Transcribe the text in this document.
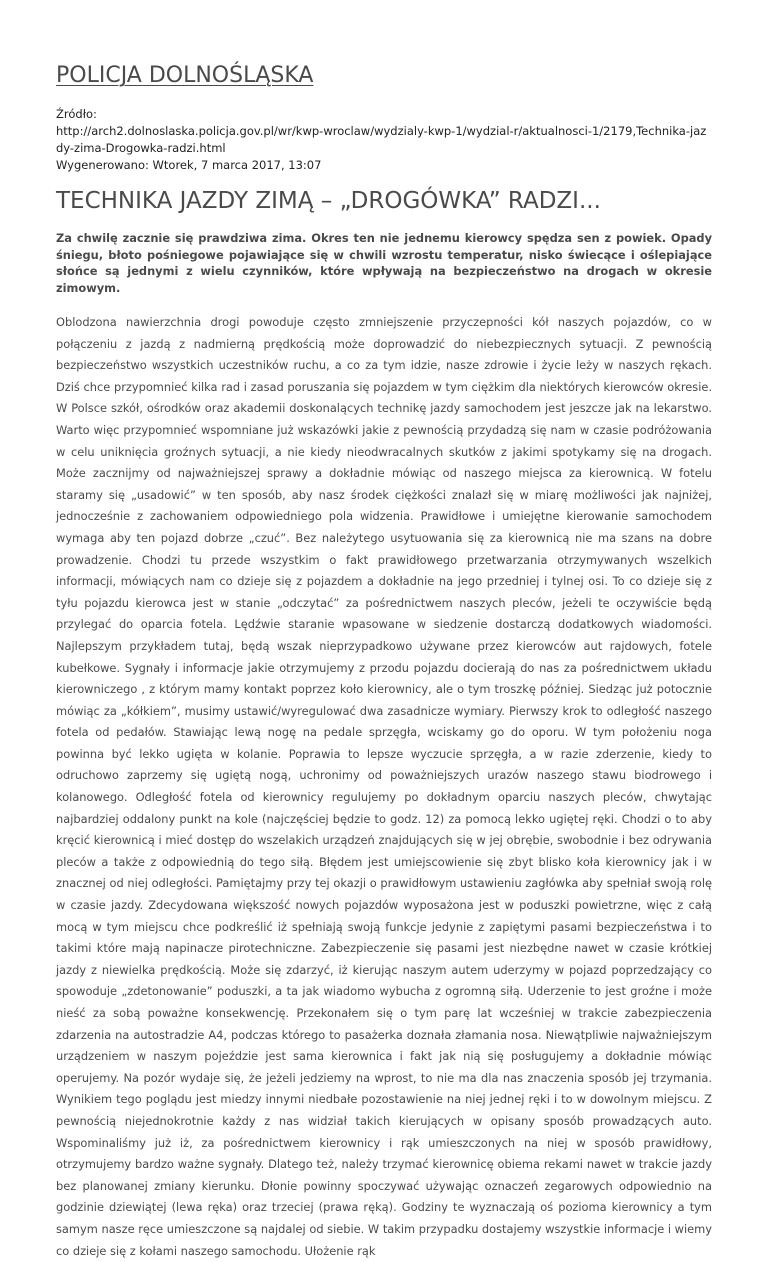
POLICJA DOLNOŚLĄSKA
Źródło:
http://arch2.dolnoslaska.policja.gov.pl/wr/kwp-wroclaw/wydzialy-kwp-1/wydzial-r/aktualnosci-1/2179,Technika-jazdy-zima-Drogowka-radzi.html
Wygenerowano: Wtorek, 7 marca 2017, 13:07
TECHNIKA JAZDY ZIMĄ – „DROGÓWKA” RADZI...
Za chwilę zacznie się prawdziwa zima. Okres ten nie jednemu kierowcy spędza sen z powiek. Opady śniegu, błoto pośniegowe pojawiające się w chwili wzrostu temperatur, nisko świecące i oślepiające słońce są jednymi z wielu czynników, które wpływają na bezpieczeństwo na drogach w okresie zimowym.
Oblodzona nawierzchnia drogi powoduje często zmniejszenie przyczepności kół naszych pojazdów, co w połączeniu z jazdą z nadmierną prędkością może doprowadzić do niebezpiecznych sytuacji. Z pewnością bezpieczeństwo wszystkich uczestników ruchu, a co za tym idzie, nasze zdrowie i życie leży w naszych rękach. Dziś chce przypomnieć kilka rad i zasad poruszania się pojazdem w tym ciężkim dla niektórych kierowców okresie. W Polsce szkół, ośrodków oraz akademii doskonalących technikę jazdy samochodem jest jeszcze jak na lekarstwo. Warto więc przypomnieć wspomniane już wskazówki jakie z pewnością przydadzą się nam w czasie podróżowania w celu uniknięcia groźnych sytuacji, a nie kiedy nieodwracalnych skutków z jakimi spotykamy się na drogach. Może zacznijmy od najważniejszej sprawy a dokładnie mówiąc od naszego miejsca za kierownicą. W fotelu staramy się „usadowić” w ten sposób, aby nasz środek ciężkości znalazł się w miarę możliwości jak najniżej, jednocześnie z zachowaniem odpowiedniego pola widzenia. Prawidłowe i umiejętne kierowanie samochodem wymaga aby ten pojazd dobrze „czuć”. Bez należytego usytuowania się za kierownicą nie ma szans na dobre prowadzenie. Chodzi tu przede wszystkim o fakt prawidłowego przetwarzania otrzymywanych wszelkich informacji, mówiących nam co dzieje się z pojazdem a dokładnie na jego przedniej i tylnej osi. To co dzieje się z tyłu pojazdu kierowca jest w stanie „odczytać” za pośrednictwem naszych pleców, jeżeli te oczywiście będą przylegać do oparcia fotela. Lędźwie staranie wpasowane w siedzenie dostarczą dodatkowych wiadomości. Najlepszym przykładem tutaj, będą wszak nieprzypadkowo używane przez kierowców aut rajdowych, fotele kubełkowe. Sygnały i informacje jakie otrzymujemy z przodu pojazdu docierają do nas za pośrednictwem układu kierowniczego , z którym mamy kontakt poprzez koło kierownicy, ale o tym troszkę później. Siedząc już potocznie mówiąc za „kółkiem”, musimy ustawić/wyregulować dwa zasadnicze wymiary. Pierwszy krok to odległość naszego fotela od pedałów. Stawiając lewą nogę na pedale sprzęgła, wciskamy go do oporu. W tym położeniu noga powinna być lekko ugięta w kolanie. Poprawia to lepsze wyczucie sprzęgła, a w razie zderzenie, kiedy to odruchowo zaprzemy się ugiętą nogą, uchronimy od poważniejszych urazów naszego stawu biodrowego i kolanowego. Odległość fotela od kierownicy regulujemy po dokładnym oparciu naszych pleców, chwytając najbardziej oddalony punkt na kole (najczęściej będzie to godz. 12) za pomocą lekko ugiętej ręki. Chodzi o to aby kręcić kierownicą i mieć dostęp do wszelakich urządzeń znajdujących się w jej obrębie, swobodnie i bez odrywania pleców a także z odpowiednią do tego siłą. Błędem jest umiejscowienie się zbyt blisko koła kierownicy jak i w znacznej od niej odległości. Pamiętajmy przy tej okazji o prawidłowym ustawieniu zagłówka aby spełniał swoją rolę w czasie jazdy. Zdecydowana większość nowych pojazdów wyposażona jest w poduszki powietrzne, więc z całą mocą w tym miejscu chce podkreślić iż spełniają swoją funkcje jedynie z zapiętymi pasami bezpieczeństwa i to takimi które mają napinacze pirotechniczne. Zabezpieczenie się pasami jest niezbędne nawet w czasie krótkiej jazdy z niewielka prędkością. Może się zdarzyć, iż kierując naszym autem uderzymy w pojazd poprzedzający co spowoduje „zdetonowanie” poduszki, a ta jak wiadomo wybucha z ogromną siłą. Uderzenie to jest groźne i może nieść za sobą poważne konsekwencję. Przekonałem się o tym parę lat wcześniej w trakcie zabezpieczenia zdarzenia na autostradzie A4, podczas którego to pasażerka doznała złamania nosa. Niewątpliwie najważniejszym urządzeniem w naszym pojeździe jest sama kierownica i fakt jak nią się posługujemy a dokładnie mówiąc operujemy. Na pozór wydaje się, że jeżeli jedziemy na wprost, to nie ma dla nas znaczenia sposób jej trzymania. Wynikiem tego poglądu jest miedzy innymi niedbałe pozostawienie na niej jednej ręki i to w dowolnym miejscu. Z pewnością niejednokrotnie każdy z nas widział takich kierujących w opisany sposób prowadzących auto. Wspominaliśmy już iż, za pośrednictwem kierownicy i rąk umieszczonych na niej w sposób prawidłowy, otrzymujemy bardzo ważne sygnały. Dlatego też, należy trzymać kierownicę obiema rekami nawet w trakcie jazdy bez planowanej zmiany kierunku. Dłonie powinny spoczywać używając oznaczeń zegarowych odpowiednio na godzinie dziewiątej (lewa ręka) oraz trzeciej (prawa ręką). Godziny te wyznaczają oś pozioma kierownicy a tym samym nasze ręce umieszczone są najdalej od siebie. W takim przypadku dostajemy wszystkie informacje i wiemy co dzieje się z kołami naszego samochodu. Ułożenie rąk
